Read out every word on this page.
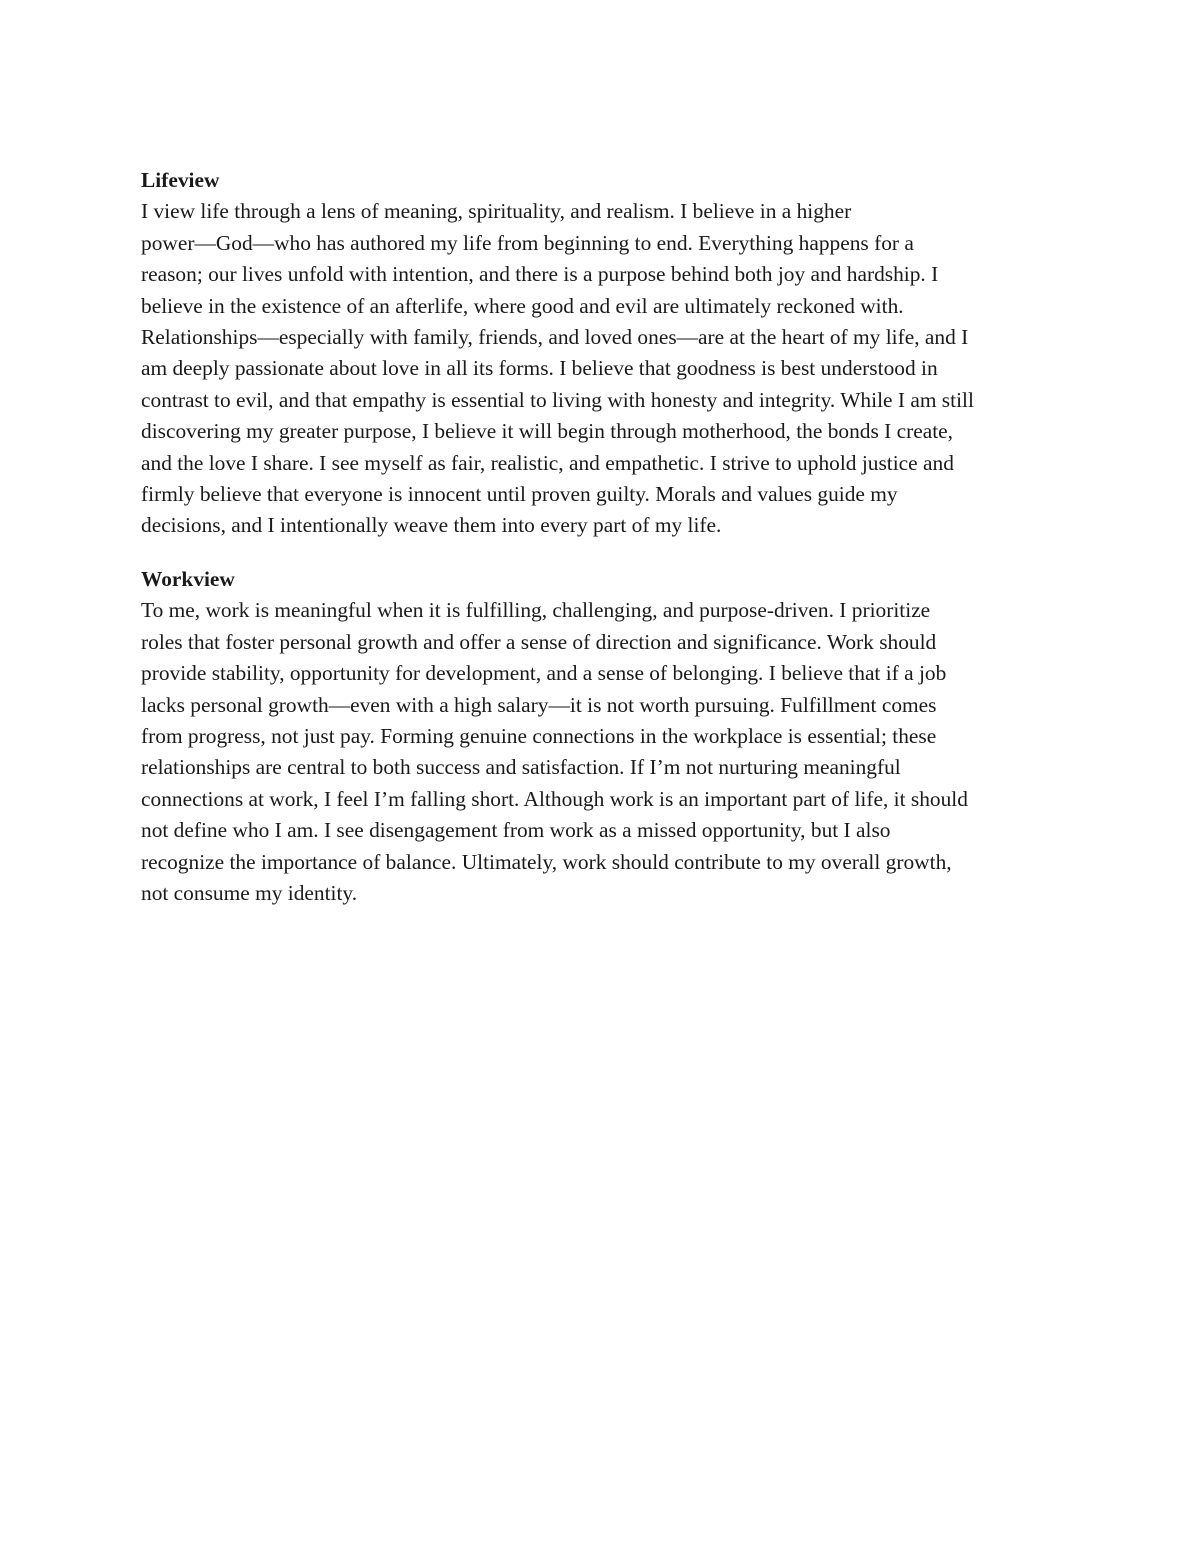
Lifeview

I view life through a lens of meaning, spirituality, and realism. I believe in a higher

power—God—who has authored my life from beginning to end. Everything happens for a

reason; our lives unfold with intention, and there is a purpose behind both joy and hardship. I

believe in the existence of an afterlife, where good and evil are ultimately reckoned with.

Relationships—especially with family, friends, and loved ones—are at the heart of my life, and I

am deeply passionate about love in all its forms. I believe that goodness is best understood in

contrast to evil, and that empathy is essential to living with honesty and integrity. While I am still

discovering my greater purpose, I believe it will begin through motherhood, the bonds I create,

and the love I share. I see myself as fair, realistic, and empathetic. I strive to uphold justice and

firmly believe that everyone is innocent until proven guilty. Morals and values guide my

decisions, and I intentionally weave them into every part of my life.

Workview

To me, work is meaningful when it is fulfilling, challenging, and purpose-driven. I prioritize

roles that foster personal growth and offer a sense of direction and significance. Work should

provide stability, opportunity for development, and a sense of belonging. I believe that if a job

lacks personal growth—even with a high salary—it is not worth pursuing. Fulfillment comes

from progress, not just pay. Forming genuine connections in the workplace is essential; these

relationships are central to both success and satisfaction. If I’m not nurturing meaningful

connections at work, I feel I’m falling short. Although work is an important part of life, it should

not define who I am. I see disengagement from work as a missed opportunity, but I also

recognize the importance of balance. Ultimately, work should contribute to my overall growth,

not consume my identity.
